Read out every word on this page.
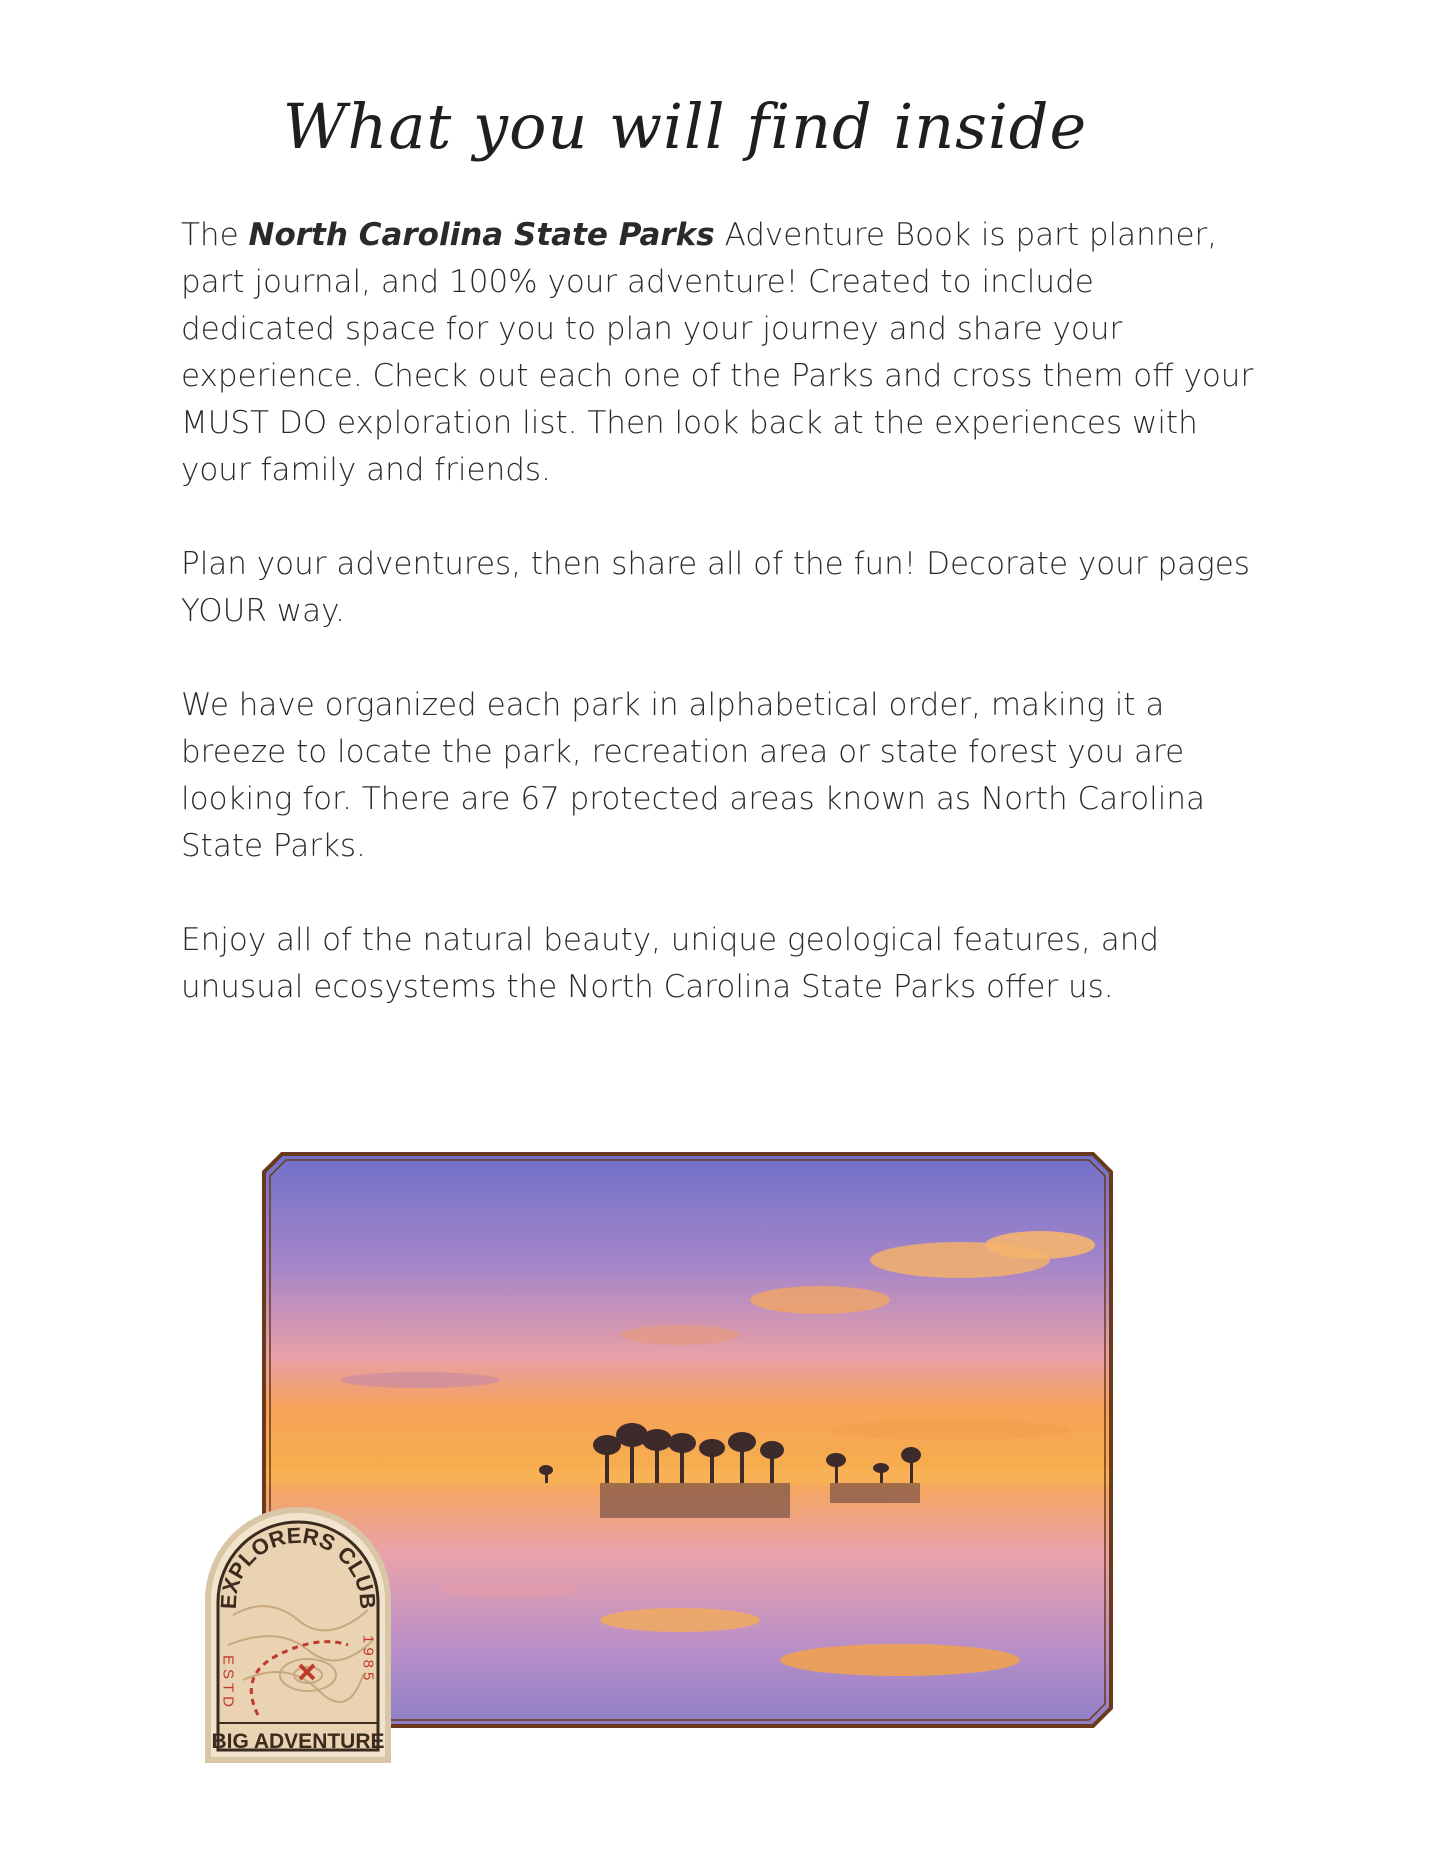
What you will find inside

The North Carolina State Parks Adventure Book is part planner, part journal, and 100% your adventure! Created to include dedicated space for you to plan your journey and share your experience. Check out each one of the Parks and cross them off your MUST DO exploration list. Then look back at the experiences with your family and friends.

Plan your adventures, then share all of the fun! Decorate your pages YOUR way.

We have organized each park in alphabetical order, making it a breeze to locate the park, recreation area or state forest you are looking for. There are 67 protected areas known as North Carolina State Parks.

Enjoy all of the natural beauty, unique geological features, and unusual ecosystems the North Carolina State Parks offer us.

EXPLORERS CLUB
ESTD	1985
BIG ADVENTURE
